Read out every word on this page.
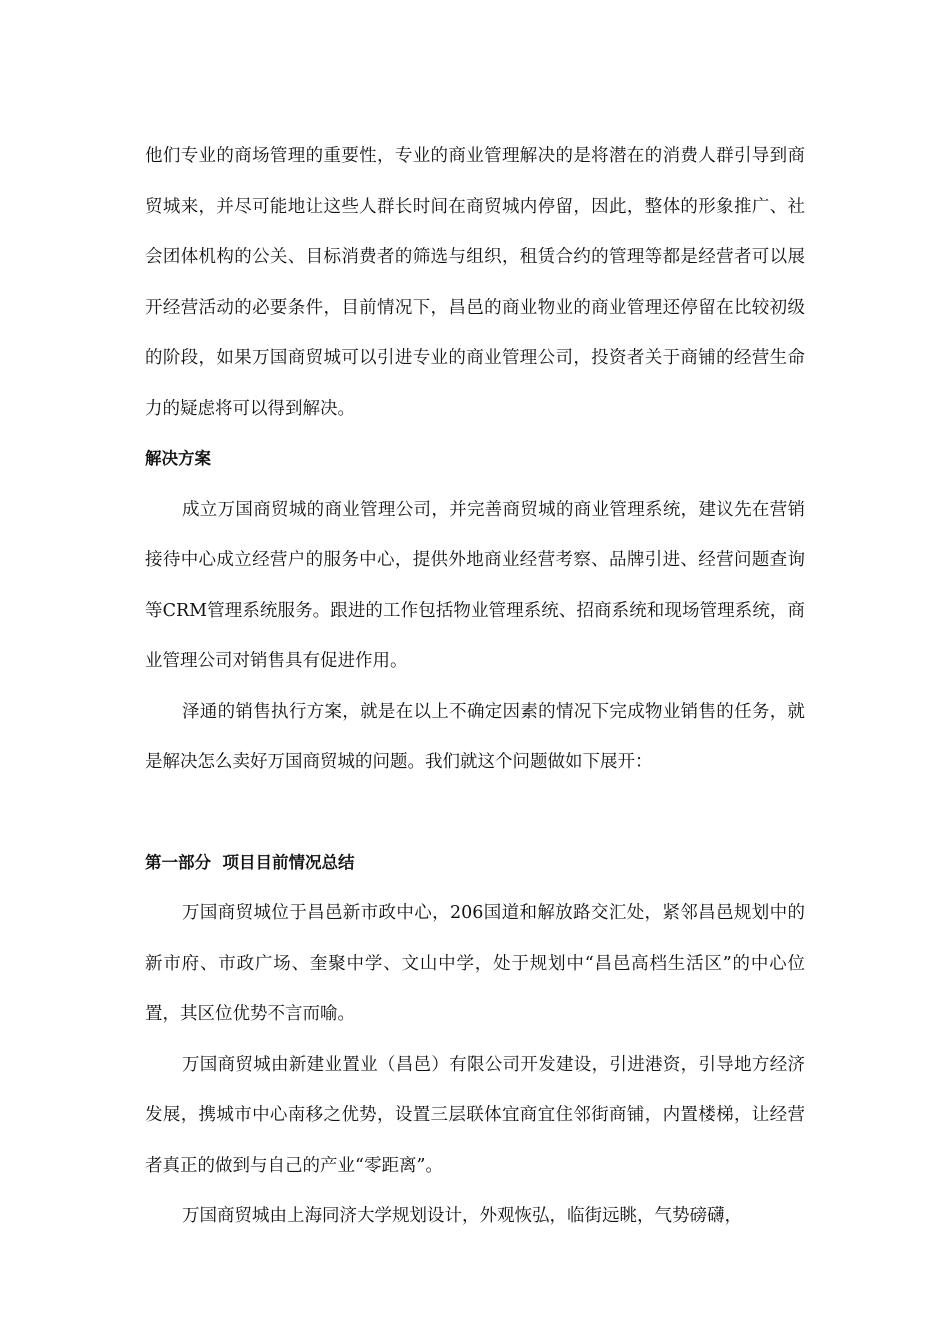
他们专业的商场管理的重要性，专业的商业管理解决的是将潜在的消费人群引导到商贸城来，并尽可能地让这些人群长时间在商贸城内停留，因此，整体的形象推广、社会团体机构的公关、目标消费者的筛选与组织，租赁合约的管理等都是经营者可以展开经营活动的必要条件，目前情况下，昌邑的商业物业的商业管理还停留在比较初级的阶段，如果万国商贸城可以引进专业的商业管理公司，投资者关于商铺的经营生命力的疑虑将可以得到解决。

解决方案

成立万国商贸城的商业管理公司，并完善商贸城的商业管理系统，建议先在营销接待中心成立经营户的服务中心，提供外地商业经营考察、品牌引进、经营问题查询等CRM管理系统服务。跟进的工作包括物业管理系统、招商系统和现场管理系统，商业管理公司对销售具有促进作用。

泽通的销售执行方案，就是在以上不确定因素的情况下完成物业销售的任务，就是解决怎么卖好万国商贸城的问题。我们就这个问题做如下展开：

第一部分  项目目前情况总结

万国商贸城位于昌邑新市政中心，206国道和解放路交汇处，紧邻昌邑规划中的新市府、市政广场、奎聚中学、文山中学，处于规划中“昌邑高档生活区”的中心位置，其区位优势不言而喻。

万国商贸城由新建业置业（昌邑）有限公司开发建设，引进港资，引导地方经济发展，携城市中心南移之优势，设置三层联体宜商宜住邻街商铺，内置楼梯，让经营者真正的做到与自己的产业“零距离”。

万国商贸城由上海同济大学规划设计，外观恢弘，临街远眺，气势磅礴，
